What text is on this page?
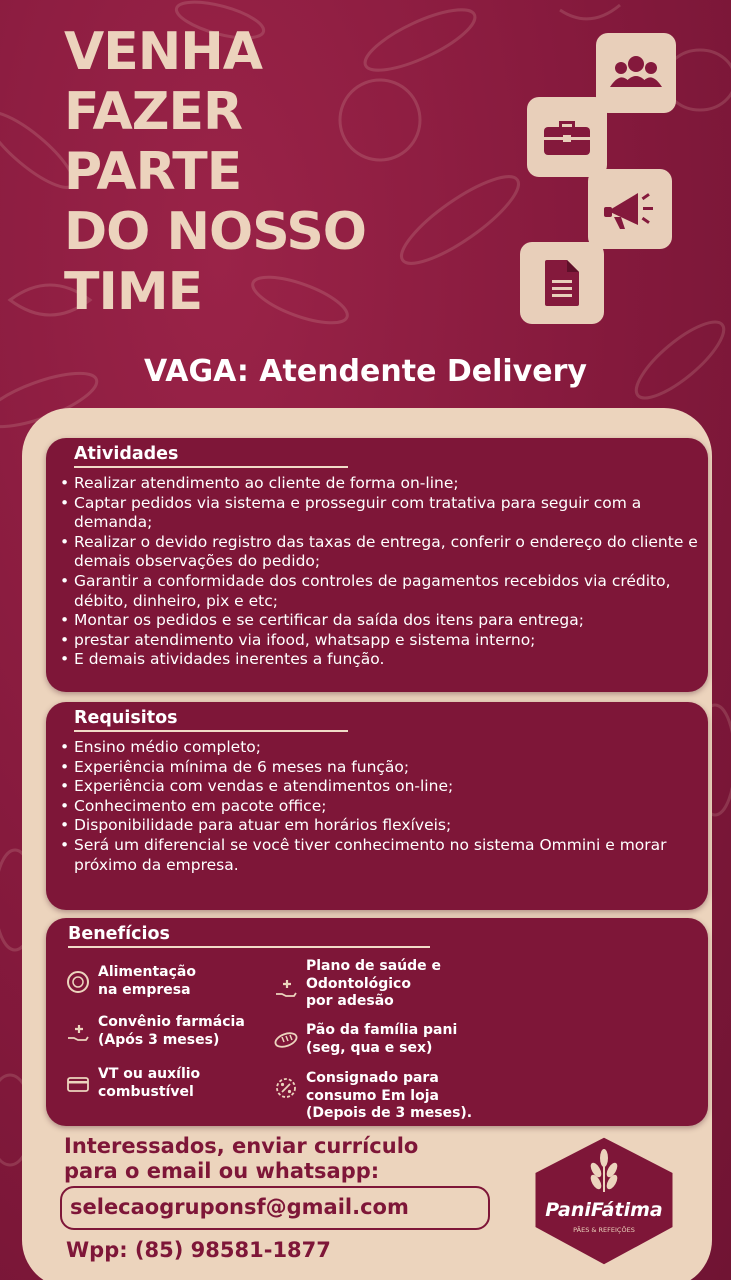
VENHA
FAZER
PARTE
DO NOSSO
TIME

VAGA: Atendente Delivery

Atividades
• Realizar atendimento ao cliente de forma on-line;
• Captar pedidos via sistema e prosseguir com tratativa para seguir com a demanda;
• Realizar o devido registro das taxas de entrega, conferir o endereço do cliente e demais observações do pedido;
• Garantir a conformidade dos controles de pagamentos recebidos via crédito, débito, dinheiro, pix e etc;
• Montar os pedidos e se certificar da saída dos itens para entrega;
• prestar atendimento via ifood, whatsapp e sistema interno;
• E demais atividades inerentes a função.
Requisitos
• Ensino médio completo;
• Experiência mínima de 6 meses na função;
• Experiência com vendas e atendimentos on-line;
• Conhecimento em pacote office;
• Disponibilidade para atuar em horários flexíveis;
• Será um diferencial se você tiver conhecimento no sistema Ommini e morar próximo da empresa.
Benefícios
Alimentação
na empresa
Plano de saúde e
Odontológico
por adesão
Convênio farmácia
(Após 3 meses)
Pão da família pani
(seg, qua e sex)
VT ou auxílio
combustível
Consignado para
consumo Em loja
(Depois de 3 meses).

Interessados, enviar currículo
para o email ou whatsapp:

selecaogruponsf@gmail.com

Wpp: (85) 98581-1877

PaniFátima
PÃES & REFEIÇÕES
